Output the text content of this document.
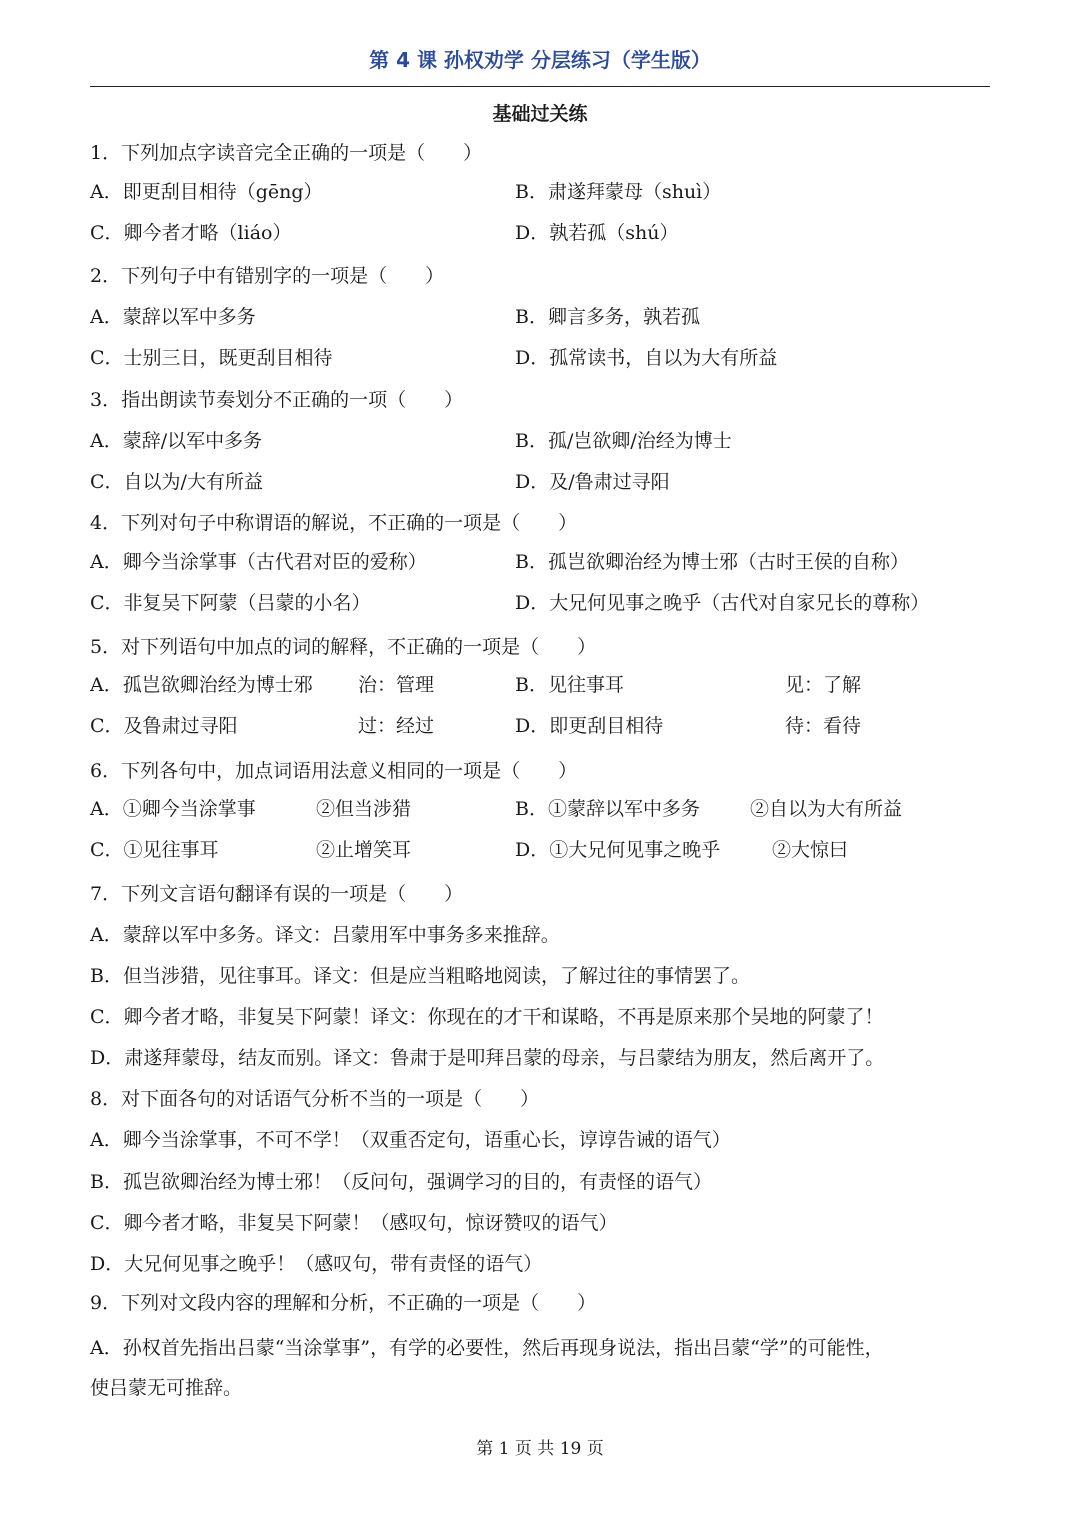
第 4 课 孙权劝学 分层练习（学生版）
基础过关练
1．下列加点字读音完全正确的一项是（　　）
A．即更刮目相待（gēng）	B．肃遂拜蒙母（shuì）
C．卿今者才略（liáo）	D．孰若孤（shú）
2．下列句子中有错别字的一项是（　　）
A．蒙辞以军中多务	B．卿言多务，孰若孤
C．士别三日，既更刮目相待	D．孤常读书，自以为大有所益
3．指出朗读节奏划分不正确的一项（　　）
A．蒙辞/以军中多务	B．孤/岂欲卿/治经为博士
C．自以为/大有所益	D．及/鲁肃过寻阳
4．下列对句子中称谓语的解说，不正确的一项是（　　）
A．卿今当涂掌事（古代君对臣的爱称）	B．孤岂欲卿治经为博士邪（古时王侯的自称）
C．非复吴下阿蒙（吕蒙的小名）	D．大兄何见事之晚乎（古代对自家兄长的尊称）
5．对下列语句中加点的词的解释，不正确的一项是（　　）
A．孤岂欲卿治经为博士邪 治：管理	B．见往事耳	见：了解
C．及鲁肃过寻阳	过：经过	D．即更刮目相待	待：看待
6．下列各句中，加点词语用法意义相同的一项是（　　）
A．①卿今当涂掌事	②但当涉猎	B．①蒙辞以军中多务	②自以为大有所益
C．①见往事耳	②止增笑耳	D．①大兄何见事之晚乎	②大惊曰
7．下列文言语句翻译有误的一项是（　　）
A．蒙辞以军中多务。译文：吕蒙用军中事务多来推辞。
B．但当涉猎，见往事耳。译文：但是应当粗略地阅读，了解过往的事情罢了。
C．卿今者才略，非复吴下阿蒙！译文：你现在的才干和谋略，不再是原来那个吴地的阿蒙了！
D．肃遂拜蒙母，结友而别。译文：鲁肃于是叩拜吕蒙的母亲，与吕蒙结为朋友，然后离开了。
8．对下面各句的对话语气分析不当的一项是（　　）
A．卿今当涂掌事，不可不学！（双重否定句，语重心长，谆谆告诫的语气）
B．孤岂欲卿治经为博士邪！（反问句，强调学习的目的，有责怪的语气）
C．卿今者才略，非复吴下阿蒙！（感叹句，惊讶赞叹的语气）
D．大兄何见事之晚乎！（感叹句，带有责怪的语气）
9．下列对文段内容的理解和分析，不正确的一项是（　　）
A．孙权首先指出吕蒙“当涂掌事”，有学的必要性，然后再现身说法，指出吕蒙“学”的可能性，
使吕蒙无可推辞。
第 1 页 共 19 页
